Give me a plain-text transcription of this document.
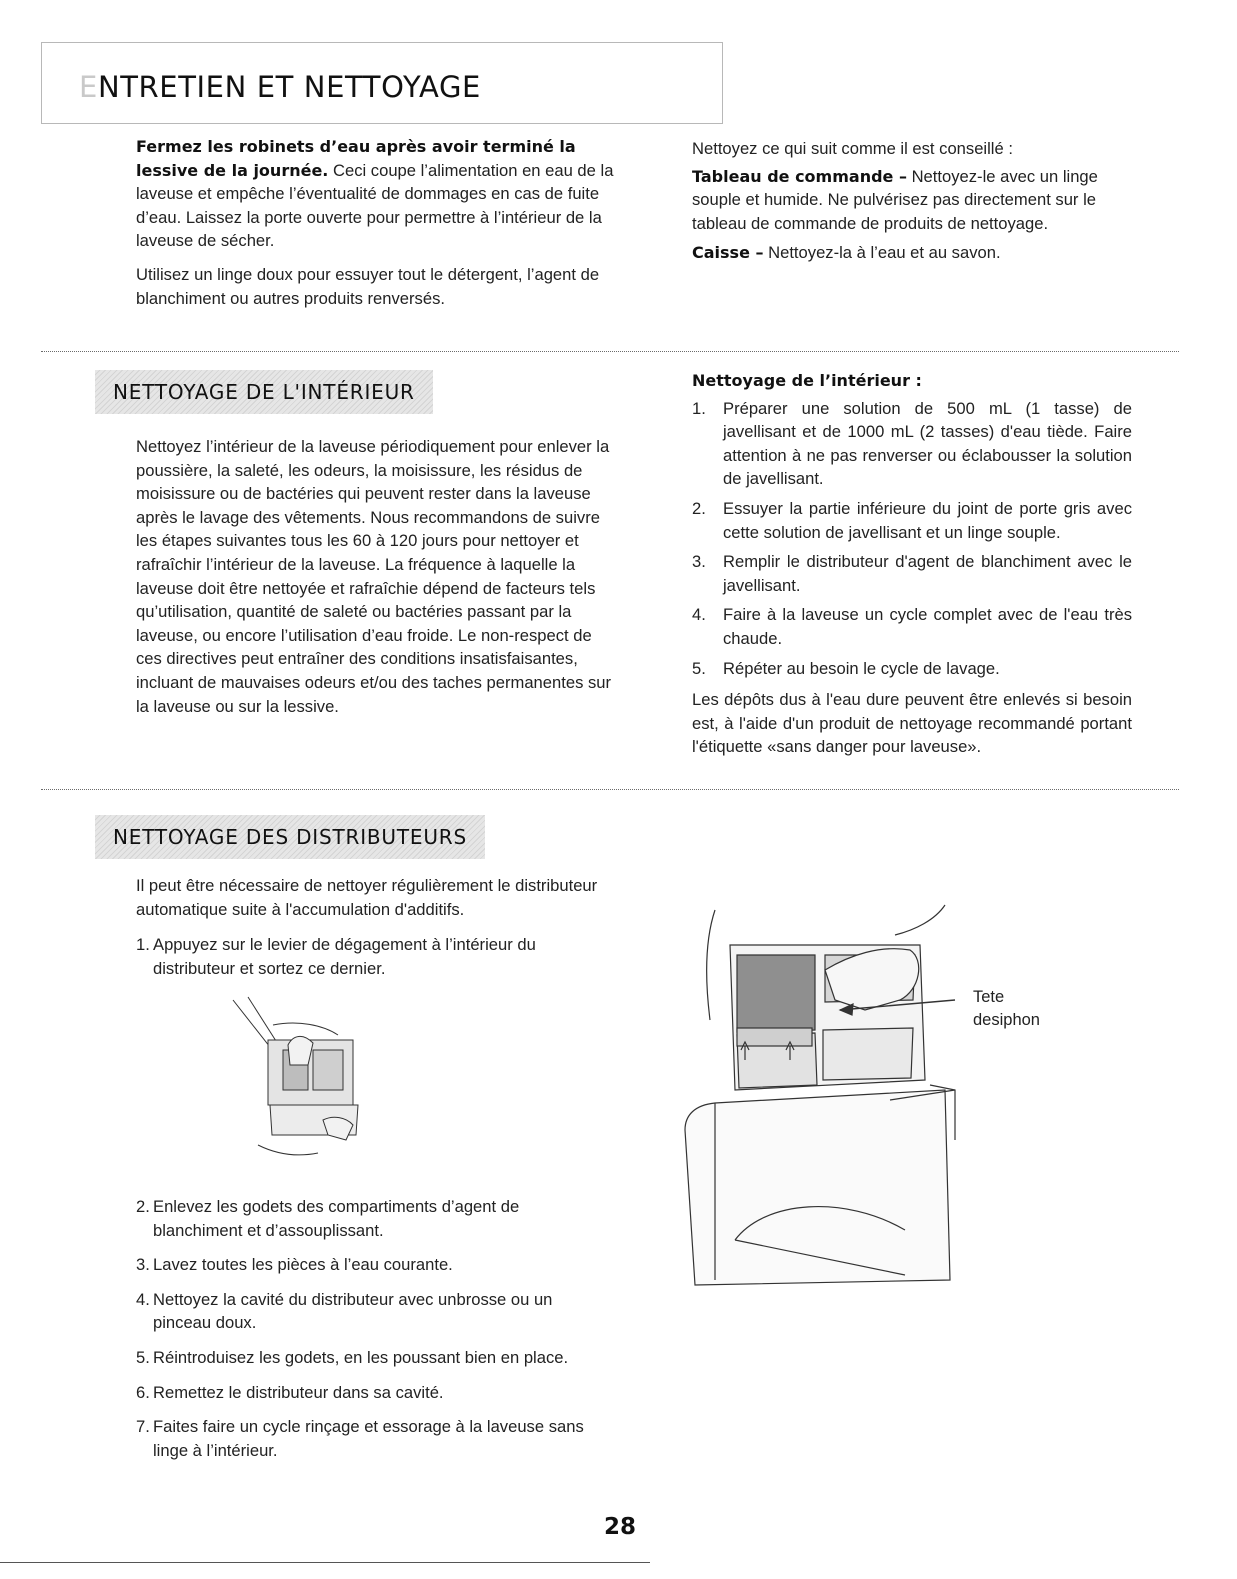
ENTRETIEN ET NETTOYAGE

Fermez les robinets d’eau après avoir terminé la lessive de la journée. Ceci coupe l’alimentation en eau de la laveuse et empêche l’éventualité de dommages en cas de fuite d’eau. Laissez la porte ouverte pour permettre à l’intérieur de la laveuse de sécher.

Utilisez un linge doux pour essuyer tout le détergent, l’agent de blanchiment ou autres produits renversés.

Nettoyez ce qui suit comme il est conseillé :

Tableau de commande – Nettoyez-le avec un linge souple et humide. Ne pulvérisez pas directement sur le tableau de commande de produits de nettoyage.

Caisse – Nettoyez-la à l’eau et au savon.

NETTOYAGE DE L'INTÉRIEUR

Nettoyez l’intérieur de la laveuse périodiquement pour enlever la poussière, la saleté, les odeurs, la moisissure, les résidus de moisissure ou de bactéries qui peuvent rester dans la laveuse après le lavage des vêtements. Nous recommandons de suivre les étapes suivantes tous les 60 à 120 jours pour nettoyer et rafraîchir l’intérieur de la laveuse. La fréquence à laquelle la laveuse doit être nettoyée et rafraîchie dépend de facteurs tels qu’utilisation, quantité de saleté ou bactéries passant par la laveuse, ou encore l’utilisation d’eau froide. Le non-respect de ces directives peut entraîner des conditions insatisfaisantes, incluant de mauvaises odeurs et/ou des taches permanentes sur la laveuse ou sur la lessive.

Nettoyage de l’intérieur :

1. Préparer une solution de 500 mL (1 tasse) de javellisant et de 1000 mL (2 tasses) d'eau tiède. Faire attention à ne pas renverser ou éclabousser la solution de javellisant.
2. Essuyer la partie inférieure du joint de porte gris avec cette solution de javellisant et un linge souple.
3. Remplir le distributeur d'agent de blanchiment avec le javellisant.
4. Faire à la laveuse un cycle complet avec de l'eau très chaude.
5. Répéter au besoin le cycle de lavage.

Les dépôts dus à l'eau dure peuvent être enlevés si besoin est, à l'aide d'un produit de nettoyage recommandé portant l'étiquette «sans danger pour laveuse».

NETTOYAGE DES DISTRIBUTEURS

Il peut être nécessaire de nettoyer régulièrement le distributeur automatique suite à l'accumulation d'additifs.

1. Appuyez sur le levier de dégagement à l’intérieur du distributeur et sortez ce dernier.
2. Enlevez les godets des compartiments d’agent de blanchiment et d’assouplissant.
3. Lavez toutes les pièces à l’eau courante.
4. Nettoyez la cavité du distributeur avec unbrosse ou un pinceau doux.
5. Réintroduisez les godets, en les poussant bien en place.
6. Remettez le distributeur dans sa cavité.
7. Faites faire un cycle rinçage et essorage à la laveuse sans linge à l’intérieur.
Tete
desiphon
28
